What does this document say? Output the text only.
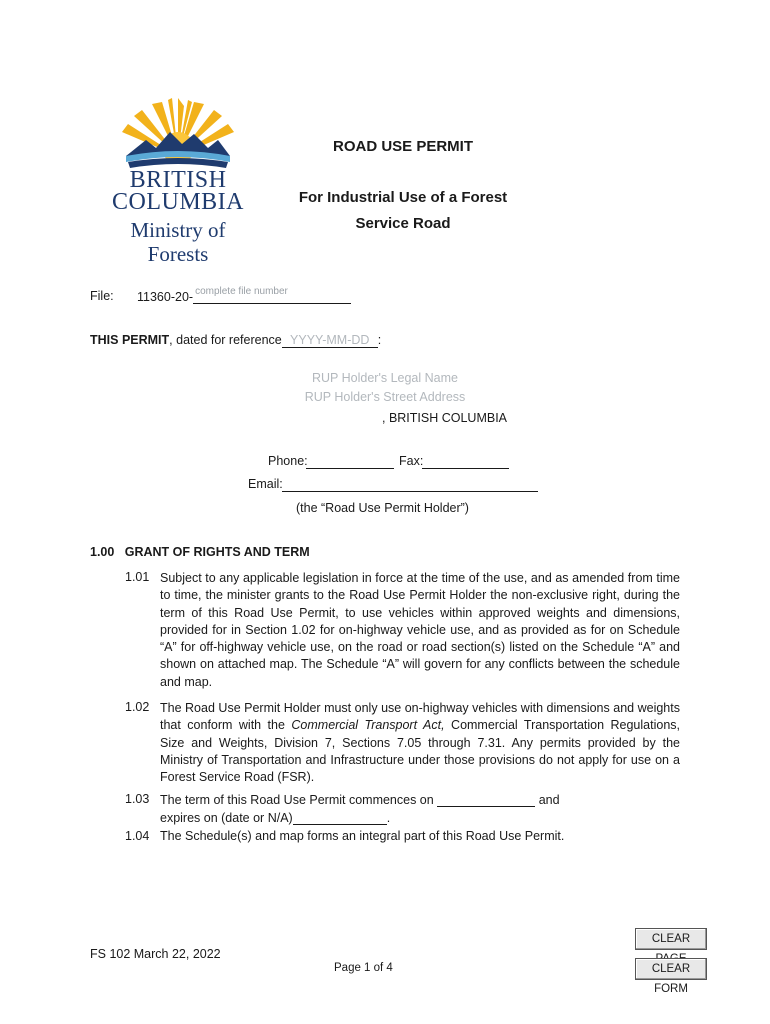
BRITISH
COLUMBIA
Ministry of
Forests
ROAD USE PERMIT
For Industrial Use of a Forest
Service Road
File: 11360-20- complete file number
THIS PERMIT, dated for reference YYYY-MM-DD :
RUP Holder's Legal Name
RUP Holder's Street Address
, BRITISH COLUMBIA
Phone:	Fax:
Email:
(the “Road Use Permit Holder”)
1.00   GRANT OF RIGHTS AND TERM
1.01 Subject to any applicable legislation in force at the time of the use, and as amended from time to time, the minister grants to the Road Use Permit Holder the non-exclusive right, during the term of this Road Use Permit, to use vehicles within approved weights and dimensions, provided for in Section 1.02 for on-highway vehicle use, and as provided as for on Schedule “A” for off-highway vehicle use, on the road or road section(s) listed on the Schedule “A” and shown on attached map. The Schedule “A” will govern for any conflicts between the schedule and map.
1.02 The Road Use Permit Holder must only use on-highway vehicles with dimensions and weights that conform with the Commercial Transport Act, Commercial Transportation Regulations, Size and Weights, Division 7, Sections 7.05 through 7.31. Any permits provided by the Ministry of Transportation and Infrastructure under those provisions do not apply for use on a Forest Service Road (FSR).
1.03 The term of this Road Use Permit commences on	and
expires on (date or N/A)	.
1.04 The Schedule(s) and map forms an integral part of this Road Use Permit.
FS 102 March 22, 2022
Page 1 of 4
CLEAR
CLEAR FORM
